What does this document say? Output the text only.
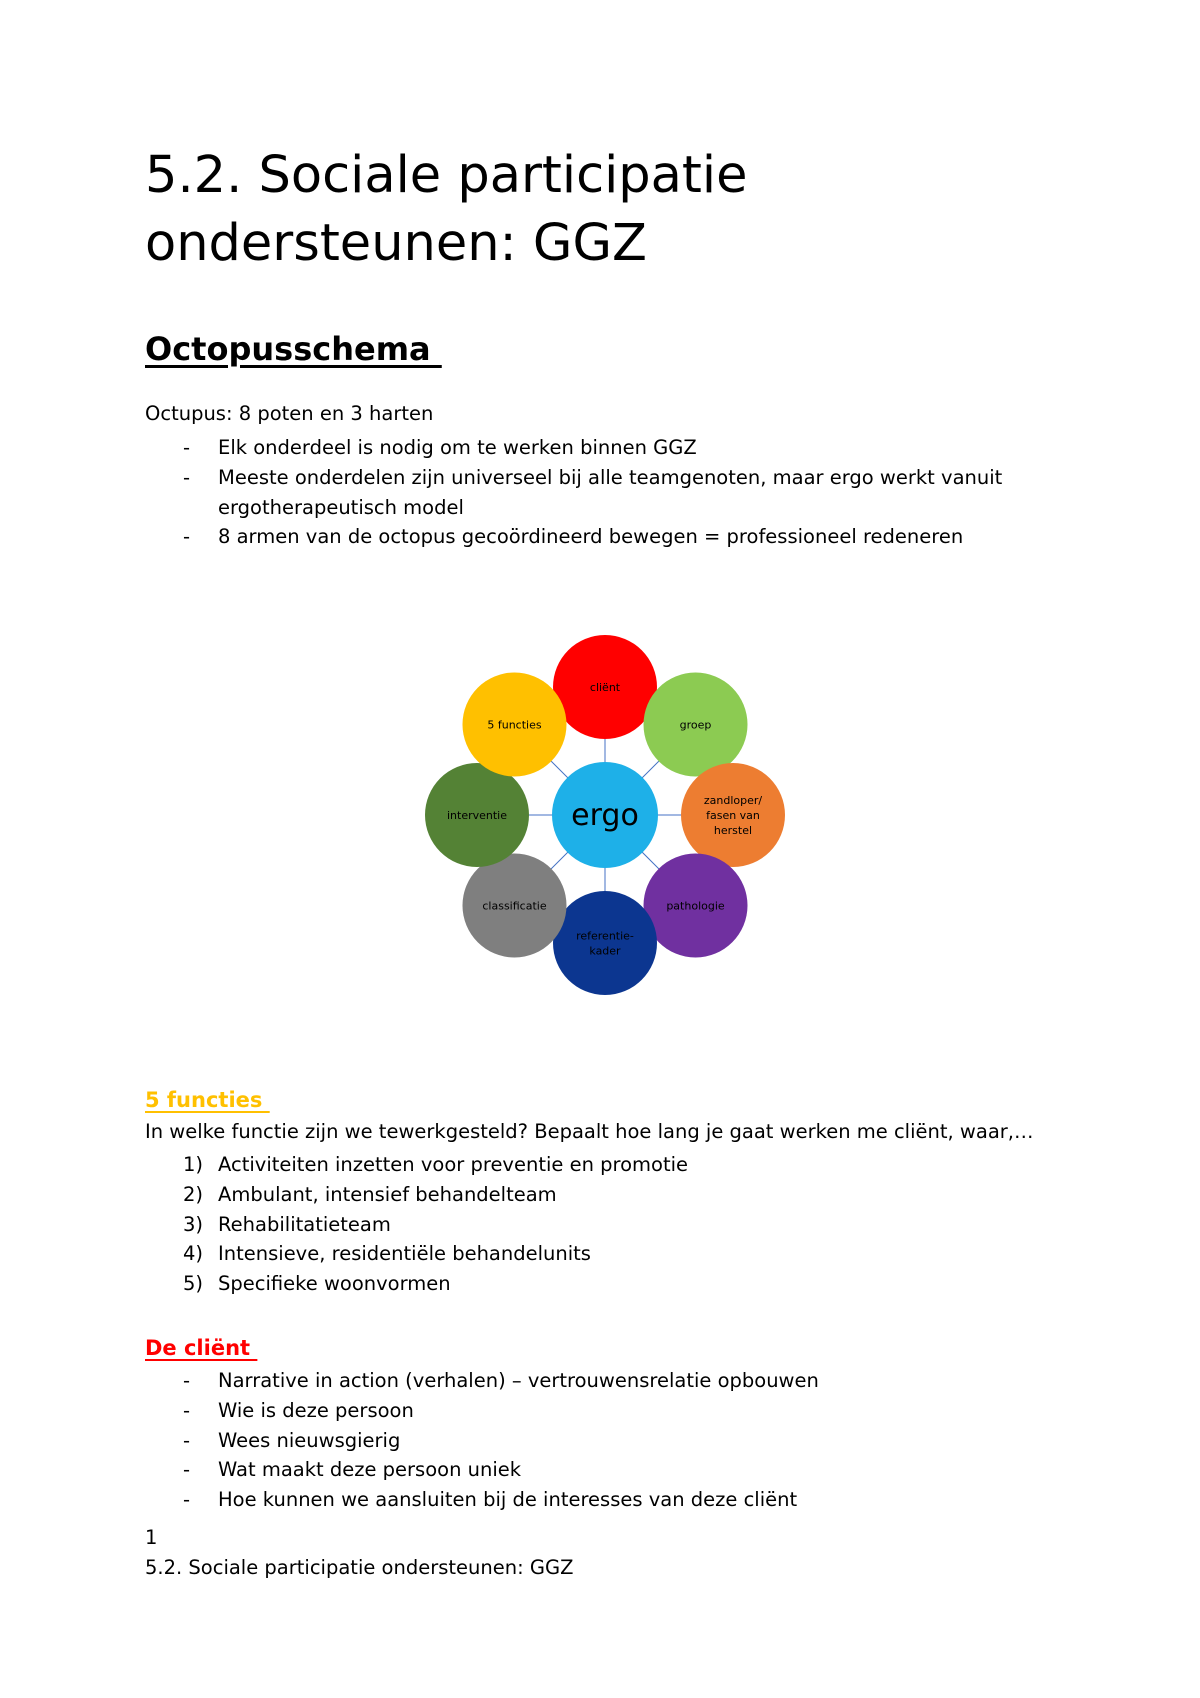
5.2. Sociale participatie
ondersteunen: GGZ
Octopusschema

Octupus: 8 poten en 3 harten

- Elk onderdeel is nodig om te werken binnen GGZ
- Meeste onderdelen zijn universeel bij alle teamgenoten, maar ergo werkt vanuit
ergotherapeutisch model
- 8 armen van de octopus gecoördineerd bewegen = professioneel redeneren
cliënt
groep
zandloper/
fasen van
herstel
pathologie
referentie-
kader
classificatie
interventie
5 functies
ergo
5 functies

In welke functie zijn we tewerkgesteld? Bepaalt hoe lang je gaat werken me cliënt, waar,…

1) Activiteiten inzetten voor preventie en promotie
2) Ambulant, intensief behandelteam
3) Rehabilitatieteam
4) Intensieve, residentiële behandelunits
5) Specifieke woonvormen
De cliënt
- Narrative in action (verhalen) – vertrouwensrelatie opbouwen
- Wie is deze persoon
- Wees nieuwsgierig
- Wat maakt deze persoon uniek
- Hoe kunnen we aansluiten bij de interesses van deze cliënt
1
5.2. Sociale participatie ondersteunen: GGZ
